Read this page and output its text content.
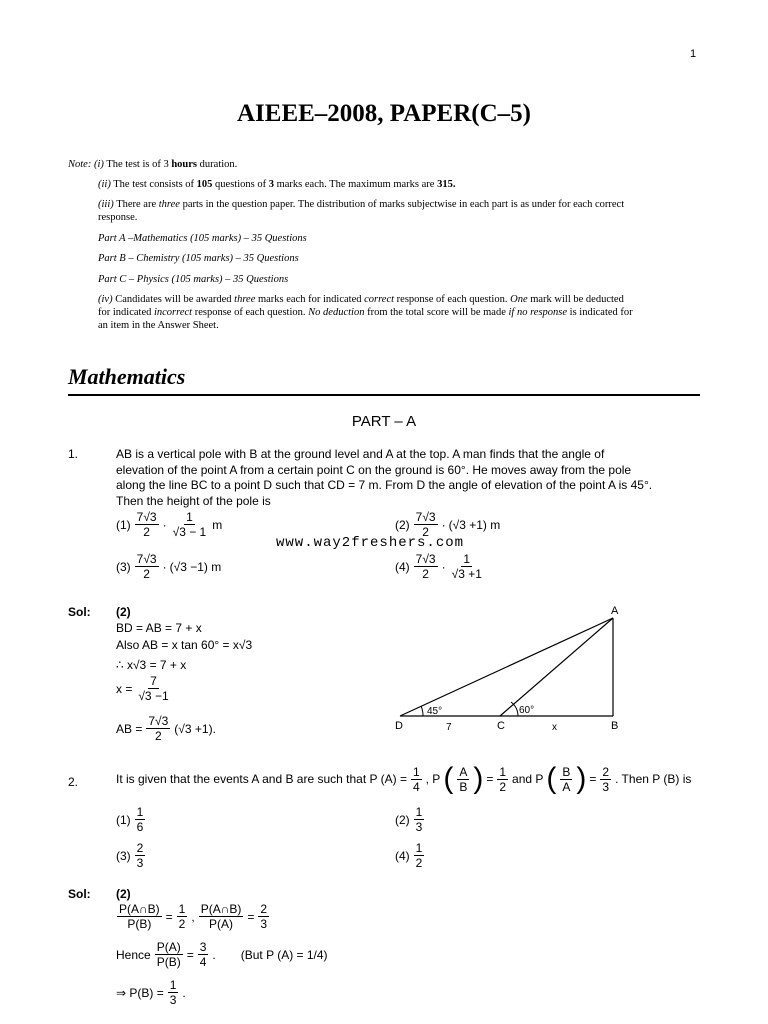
1
AIEEE–2008, PAPER(C–5)
Note: (i) The test is of 3 hours duration.
(ii) The test consists of 105 questions of 3 marks each. The maximum marks are 315.
(iii) There are three parts in the question paper. The distribution of marks subjectwise in each part is as under for each correct
response.
Part A –Mathematics (105 marks) – 35 Questions
Part B – Chemistry (105 marks) – 35 Questions
Part C – Physics (105 marks) – 35 Questions
(iv) Candidates will be awarded three marks each for indicated correct response of each question. One mark will be deducted
for indicated incorrect response of each question. No deduction from the total score will be made if no response is indicated for
an item in the Answer Sheet.
Mathematics
PART – A
1.	AB is a vertical pole with B at the ground level and A at the top. A man finds that the angle of
elevation of the point A from a certain point C on the ground is 60°. He moves away from the pole
along the line BC to a point D such that CD = 7 m. From D the angle of elevation of the point A is 45°.
Then the height of the pole is
$(1) \frac{7√3}{2} \cdot \frac{1}{√3 - 1}$ m	$(2) \frac{7√3}{2} \cdot (√3 +1)$ m
www.way2freshers.com
$(3) \frac{7√3}{2} \cdot (√3 -1)$ m	$(4) \frac{7√3}{2} \cdot \frac{1}{√3 +1}$
Sol: (2)
BD = AB = 7 + x
Also AB = x tan 60° = x√3
∴ x√3 = 7 + x
$x = \frac{7}{√3 -1}$
AB = $\frac{7√3}{2} (√3 +1)$.
A
B
C
D
45°	60°
7	x
2.	It is given that the events A and B are such that P $(A) = \frac{1}{4}$ , P ( $\frac{A}{B}$ ) = $\frac{1}{2}$ and P ( $\frac{B}{A}$ ) = $\frac{2}{3}$ . Then P (B) is
$(1) \frac{1}{6}$	$(2) \frac{1}{3}$
$(3) \frac{2}{3}$	$(4) \frac{1}{2}$
Sol: (2)
$\frac{P(A\cap B)}{P(B)} = \frac{1}{2}$ , $\frac{P(A\cap B)}{P(A)} = \frac{2}{3}$
Hence $\frac{P(A)}{P(B)} = \frac{3}{4}$ . (But P (A) = 1/4)
⇒ $P(B) = \frac{1}{3}$ .
